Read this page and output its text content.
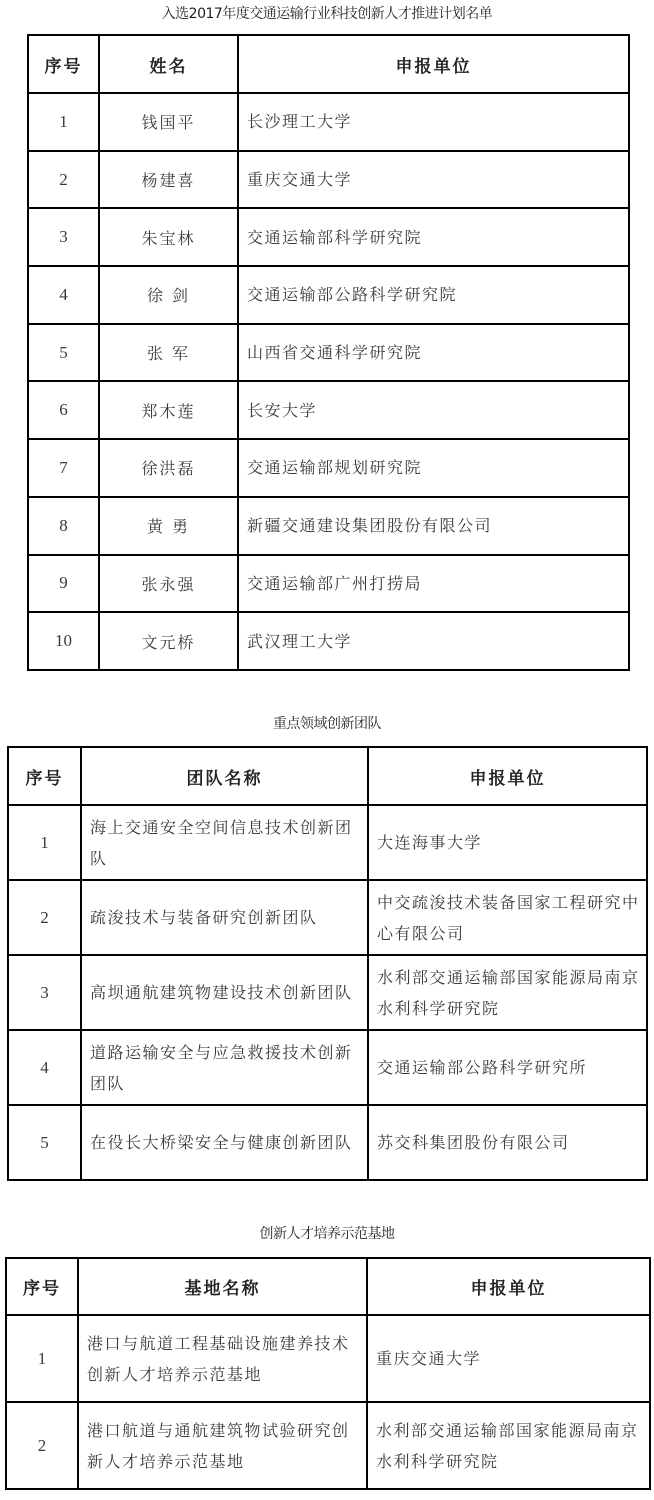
入选2017年度交通运输行业科技创新人才推进计划名单
序号	姓名	申报单位
1	钱国平	长沙理工大学
2	杨建喜	重庆交通大学
3	朱宝林	交通运输部科学研究院
4	徐 剑	交通运输部公路科学研究院
5	张 军	山西省交通科学研究院
6	郑木莲	长安大学
7	徐洪磊	交通运输部规划研究院
8	黄 勇	新疆交通建设集团股份有限公司
9	张永强	交通运输部广州打捞局
10	文元桥	武汉理工大学
重点领域创新团队
序号	团队名称	申报单位
1	海上交通安全空间信息技术创新团队	大连海事大学
2	疏浚技术与装备研究创新团队	中交疏浚技术装备国家工程研究中心有限公司
3	高坝通航建筑物建设技术创新团队	水利部交通运输部国家能源局南京水利科学研究院
4	道路运输安全与应急救援技术创新团队	交通运输部公路科学研究所
5	在役长大桥梁安全与健康创新团队	苏交科集团股份有限公司
创新人才培养示范基地
序号	基地名称	申报单位
1	港口与航道工程基础设施建养技术创新人才培养示范基地	重庆交通大学
2	港口航道与通航建筑物试验研究创新人才培养示范基地	水利部交通运输部国家能源局南京水利科学研究院
